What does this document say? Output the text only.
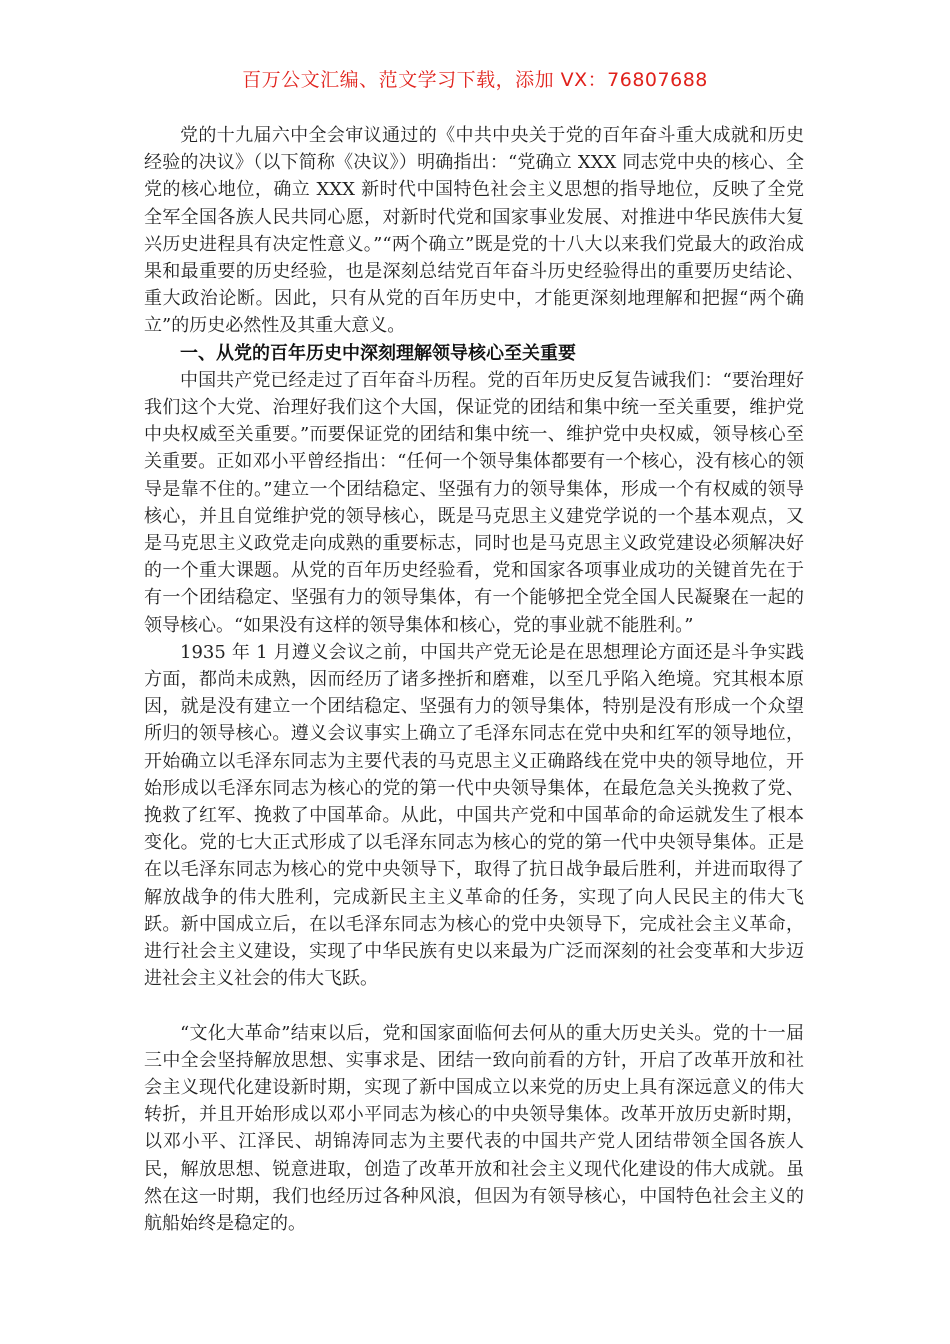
百万公文汇编、范文学习下载，添加 VX：76807688

党的十九届六中全会审议通过的《中共中央关于党的百年奋斗重大成就和历史经验的决议》（以下简称《决议》）明确指出：“党确立 XXX 同志党中央的核心、全党的核心地位，确立 XXX 新时代中国特色社会主义思想的指导地位，反映了全党全军全国各族人民共同心愿，对新时代党和国家事业发展、对推进中华民族伟大复兴历史进程具有决定性意义。”“两个确立”既是党的十八大以来我们党最大的政治成果和最重要的历史经验，也是深刻总结党百年奋斗历史经验得出的重要历史结论、重大政治论断。因此，只有从党的百年历史中，才能更深刻地理解和把握“两个确立”的历史必然性及其重大意义。

一、从党的百年历史中深刻理解领导核心至关重要

中国共产党已经走过了百年奋斗历程。党的百年历史反复告诫我们：“要治理好我们这个大党、治理好我们这个大国，保证党的团结和集中统一至关重要，维护党中央权威至关重要。”而要保证党的团结和集中统一、维护党中央权威，领导核心至关重要。正如邓小平曾经指出：“任何一个领导集体都要有一个核心，没有核心的领导是靠不住的。”建立一个团结稳定、坚强有力的领导集体，形成一个有权威的领导核心，并且自觉维护党的领导核心，既是马克思主义建党学说的一个基本观点，又是马克思主义政党走向成熟的重要标志，同时也是马克思主义政党建设必须解决好的一个重大课题。从党的百年历史经验看，党和国家各项事业成功的关键首先在于有一个团结稳定、坚强有力的领导集体，有一个能够把全党全国人民凝聚在一起的领导核心。“如果没有这样的领导集体和核心，党的事业就不能胜利。”

1935 年 1 月遵义会议之前，中国共产党无论是在思想理论方面还是斗争实践方面，都尚未成熟，因而经历了诸多挫折和磨难，以至几乎陷入绝境。究其根本原因，就是没有建立一个团结稳定、坚强有力的领导集体，特别是没有形成一个众望所归的领导核心。遵义会议事实上确立了毛泽东同志在党中央和红军的领导地位，开始确立以毛泽东同志为主要代表的马克思主义正确路线在党中央的领导地位，开始形成以毛泽东同志为核心的党的第一代中央领导集体，在最危急关头挽救了党、挽救了红军、挽救了中国革命。从此，中国共产党和中国革命的命运就发生了根本变化。党的七大正式形成了以毛泽东同志为核心的党的第一代中央领导集体。正是在以毛泽东同志为核心的党中央领导下，取得了抗日战争最后胜利，并进而取得了解放战争的伟大胜利，完成新民主主义革命的任务，实现了向人民民主的伟大飞跃。新中国成立后，在以毛泽东同志为核心的党中央领导下，完成社会主义革命，进行社会主义建设，实现了中华民族有史以来最为广泛而深刻的社会变革和大步迈进社会主义社会的伟大飞跃。

“文化大革命”结束以后，党和国家面临何去何从的重大历史关头。党的十一届三中全会坚持解放思想、实事求是、团结一致向前看的方针，开启了改革开放和社会主义现代化建设新时期，实现了新中国成立以来党的历史上具有深远意义的伟大转折，并且开始形成以邓小平同志为核心的中央领导集体。改革开放历史新时期，以邓小平、江泽民、胡锦涛同志为主要代表的中国共产党人团结带领全国各族人民，解放思想、锐意进取，创造了改革开放和社会主义现代化建设的伟大成就。虽然在这一时期，我们也经历过各种风浪，但因为有领导核心，中国特色社会主义的航船始终是稳定的。
